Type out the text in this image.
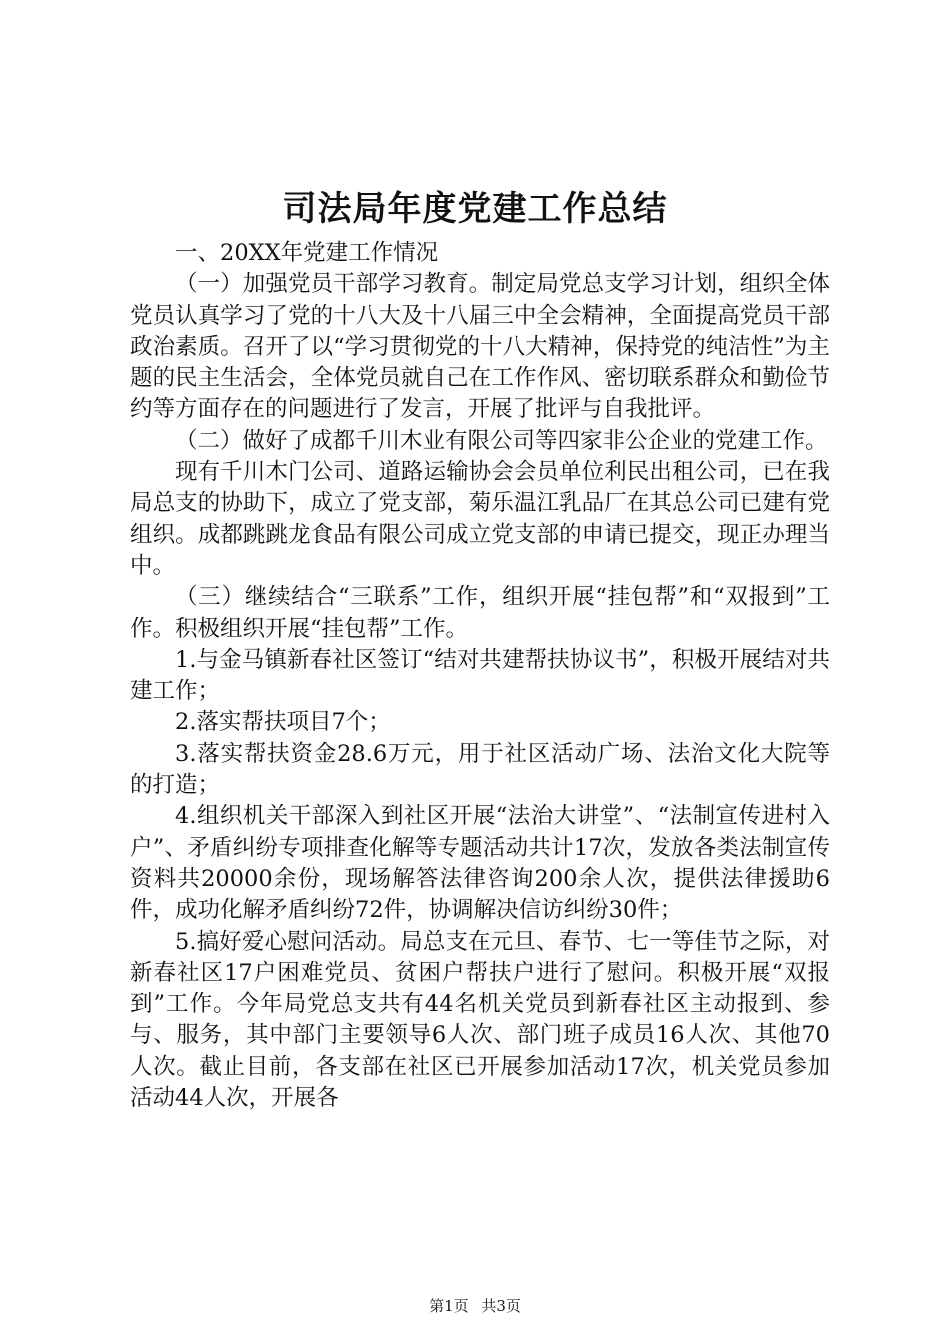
司法局年度党建工作总结

一、20XX年党建工作情况

（一）加强党员干部学习教育。制定局党总支学习计划，组织全体党员认真学习了党的十八大及十八届三中全会精神，全面提高党员干部政治素质。召开了以“学习贯彻党的十八大精神，保持党的纯洁性”为主题的民主生活会，全体党员就自己在工作作风、密切联系群众和勤俭节约等方面存在的问题进行了发言，开展了批评与自我批评。

（二）做好了成都千川木业有限公司等四家非公企业的党建工作。

现有千川木门公司、道路运输协会会员单位利民出租公司，已在我局总支的协助下，成立了党支部，菊乐温江乳品厂在其总公司已建有党组织。成都跳跳龙食品有限公司成立党支部的申请已提交，现正办理当中。

（三）继续结合“三联系”工作，组织开展“挂包帮”和“双报到”工作。积极组织开展“挂包帮”工作。

1.与金马镇新春社区签订“结对共建帮扶协议书”，积极开展结对共建工作；

2.落实帮扶项目7个；

3.落实帮扶资金28.6万元，用于社区活动广场、法治文化大院等的打造；

4.组织机关干部深入到社区开展“法治大讲堂”、“法制宣传进村入户”、矛盾纠纷专项排查化解等专题活动共计17次，发放各类法制宣传资料共20000余份，现场解答法律咨询200余人次，提供法律援助6件，成功化解矛盾纠纷72件，协调解决信访纠纷30件；

5.搞好爱心慰问活动。局总支在元旦、春节、七一等佳节之际，对新春社区17户困难党员、贫困户帮扶户进行了慰问。积极开展“双报到”工作。今年局党总支共有44名机关党员到新春社区主动报到、参与、服务，其中部门主要领导6人次、部门班子成员16人次、其他70人次。截止目前，各支部在社区已开展参加活动17次，机关党员参加活动44人次，开展各

第1页 共3页
